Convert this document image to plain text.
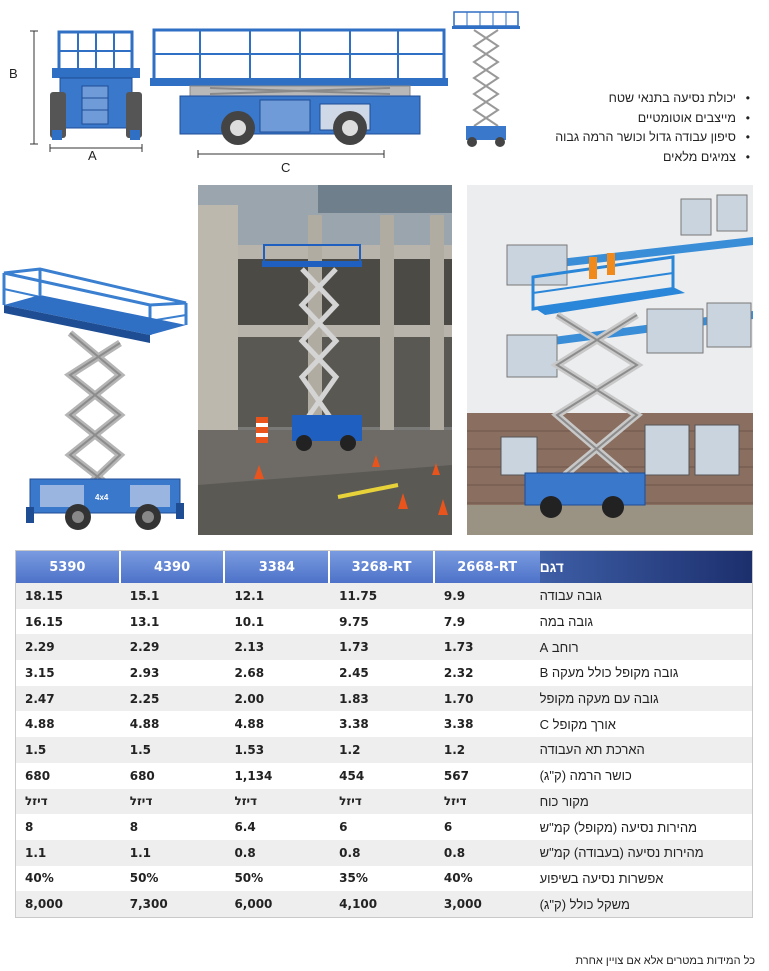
B
A
C
• יכולת נסיעה בתנאי שטח
• מייצבים אוטומטיים
• סיפון עבודה גדול וכושר הרמה גבוה
• צמיגים מלאים
4x4
דגם
2668-RT
3268-RT
3384
4390
5390
גובה עבודה
9.9
11.75
12.1
15.1
18.15
גובה במה
7.9
9.75
10.1
13.1
16.15
רוחב A
1.73
1.73
2.13
2.29
2.29
גובה מקופל כולל מעקה B
2.32
2.45
2.68
2.93
3.15
גובה עם מעקה מקופל
1.70
1.83
2.00
2.25
2.47
אורך מקופל C
3.38
3.38
4.88
4.88
4.88
הארכת תא העבודה
1.2
1.2
1.53
1.5
1.5
כושר הרמה (ק"ג)
567
454
1,134
680
680
מקור כוח
דיזל
דיזל
דיזל
דיזל
דיזל
מהירות נסיעה (מקופל) קמ"ש
6
6
6.4
8
8
מהירות נסיעה (בעבודה) קמ"ש
0.8
0.8
0.8
1.1
1.1
אפשרות נסיעה בשיפוע
40%
35%
50%
50%
40%
משקל כולל (ק"ג)
3,000
4,100
6,000
7,300
8,000
כל המידות במטרים אלא אם צויין אחרת
